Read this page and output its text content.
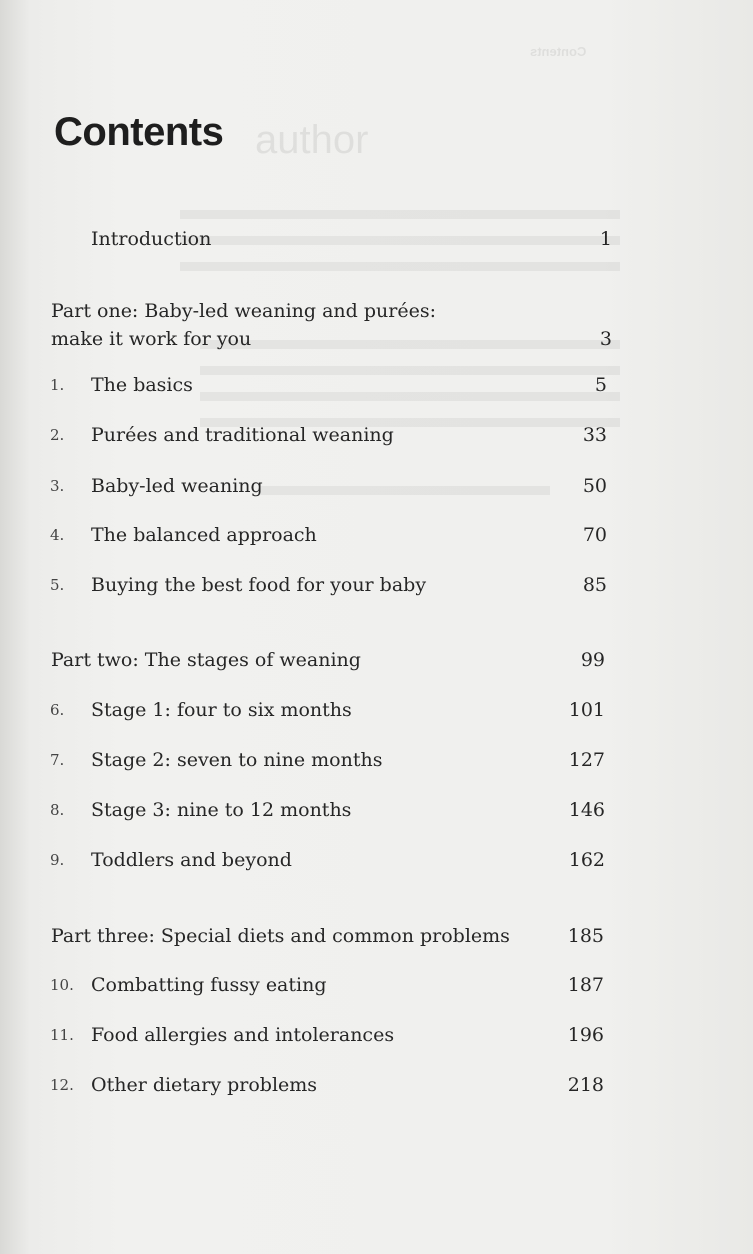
Contents
author
Contents
Introduction	1
Part one: Baby-led weaning and purées:
make it work for you	3
1. The basics	5
2. Purées and traditional weaning	33
3. Baby-led weaning	50
4. The balanced approach	70
5. Buying the best food for your baby	85
Part two: The stages of weaning	99
6. Stage 1: four to six months	101
7. Stage 2: seven to nine months	127
8. Stage 3: nine to 12 months	146
9. Toddlers and beyond	162
Part three: Special diets and common problems	185
10. Combatting fussy eating	187
11. Food allergies and intolerances	196
12. Other dietary problems	218
